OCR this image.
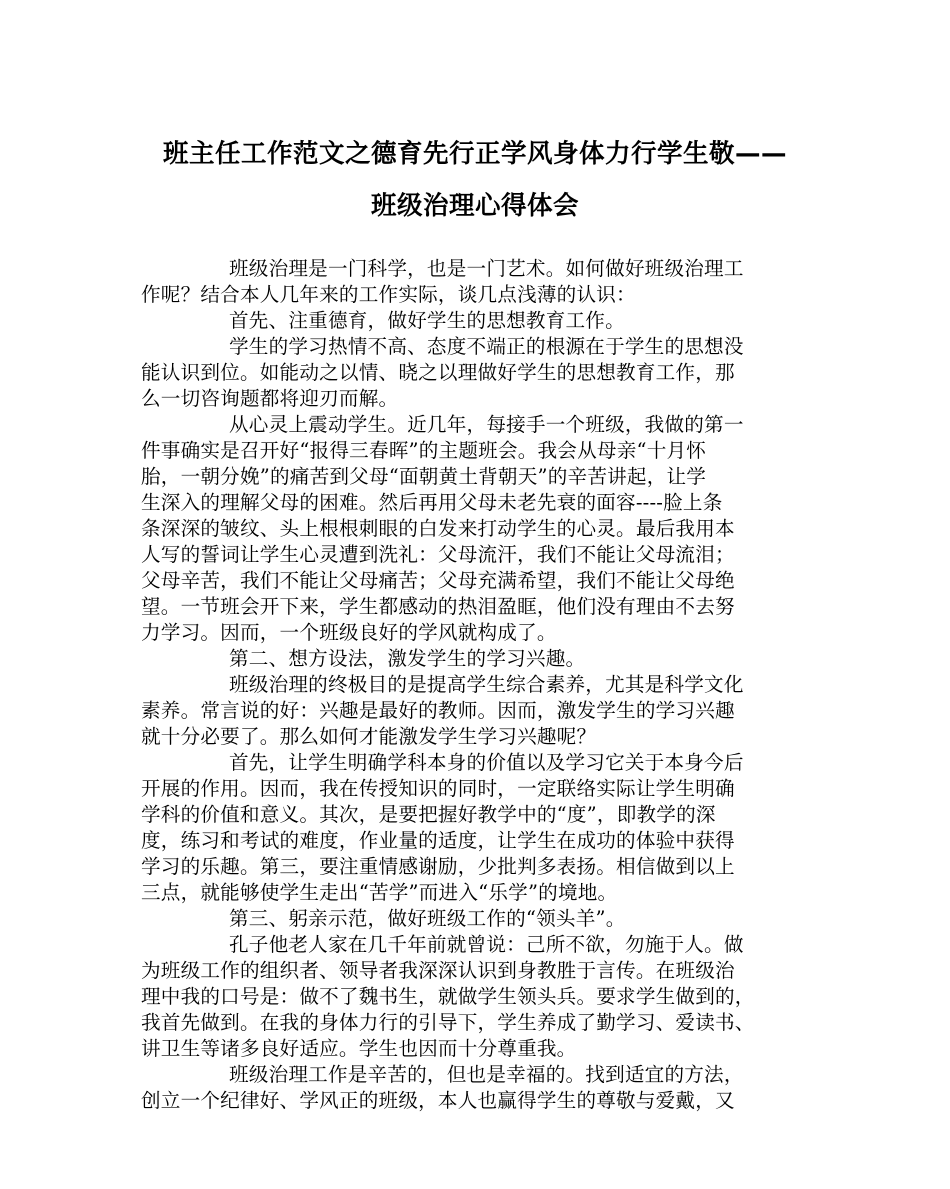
班主任工作范文之德育先行正学风身体力行学生敬——
班级治理心得体会
班级治理是一门科学，也是一门艺术。如何做好班级治理工
作呢？结合本人几年来的工作实际，谈几点浅薄的认识：
首先、注重德育，做好学生的思想教育工作。
学生的学习热情不高、态度不端正的根源在于学生的思想没
能认识到位。如能动之以情、晓之以理做好学生的思想教育工作，那
么一切咨询题都将迎刃而解。
从心灵上震动学生。近几年，每接手一个班级，我做的第一
件事确实是召开好“报得三春晖”的主题班会。我会从母亲“十月怀
胎，一朝分娩”的痛苦到父母“面朝黄土背朝天”的辛苦讲起，让学
生深入的理解父母的困难。然后再用父母未老先衰的面容----脸上条
条深深的皱纹、头上根根刺眼的白发来打动学生的心灵。最后我用本
人写的誓词让学生心灵遭到洗礼：父母流汗，我们不能让父母流泪；
父母辛苦，我们不能让父母痛苦；父母充满希望，我们不能让父母绝
望。一节班会开下来，学生都感动的热泪盈眶，他们没有理由不去努
力学习。因而，一个班级良好的学风就构成了。
第二、想方设法，激发学生的学习兴趣。
班级治理的终极目的是提高学生综合素养，尤其是科学文化
素养。常言说的好：兴趣是最好的教师。因而，激发学生的学习兴趣
就十分必要了。那么如何才能激发学生学习兴趣呢？
首先，让学生明确学科本身的价值以及学习它关于本身今后
开展的作用。因而，我在传授知识的同时，一定联络实际让学生明确
学科的价值和意义。其次，是要把握好教学中的“度”，即教学的深
度，练习和考试的难度，作业量的适度，让学生在成功的体验中获得
学习的乐趣。第三，要注重情感谢励，少批判多表扬。相信做到以上
三点，就能够使学生走出“苦学”而进入“乐学”的境地。
第三、躬亲示范，做好班级工作的“领头羊”。
孔子他老人家在几千年前就曾说：己所不欲，勿施于人。做
为班级工作的组织者、领导者我深深认识到身教胜于言传。在班级治
理中我的口号是：做不了魏书生，就做学生领头兵。要求学生做到的，
我首先做到。在我的身体力行的引导下，学生养成了勤学习、爱读书、
讲卫生等诸多良好适应。学生也因而十分尊重我。
班级治理工作是辛苦的，但也是幸福的。找到适宜的方法，
创立一个纪律好、学风正的班级，本人也赢得学生的尊敬与爱戴，又
